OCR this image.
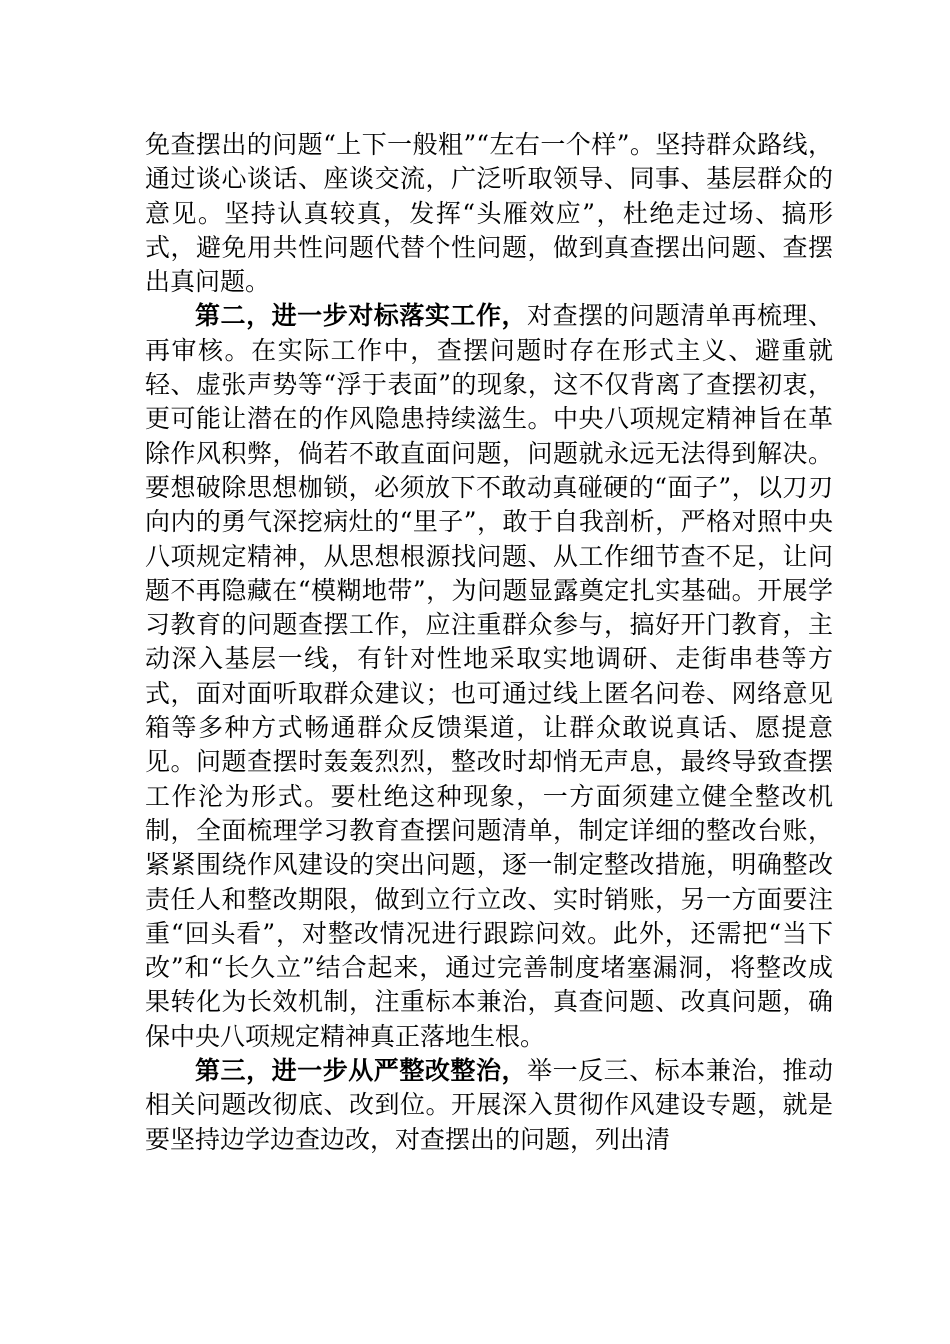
免查摆出的问题“上下一般粗”“左右一个样”。坚持群众路线，通过谈心谈话、座谈交流，广泛听取领导、同事、基层群众的意见。坚持认真较真，发挥“头雁效应”，杜绝走过场、搞形式，避免用共性问题代替个性问题，做到真查摆出问题、查摆出真问题。

第二，进一步对标落实工作，对查摆的问题清单再梳理、再审核。在实际工作中，查摆问题时存在形式主义、避重就轻、虚张声势等“浮于表面”的现象，这不仅背离了查摆初衷，更可能让潜在的作风隐患持续滋生。中央八项规定精神旨在革除作风积弊，倘若不敢直面问题，问题就永远无法得到解决。要想破除思想枷锁，必须放下不敢动真碰硬的“面子”，以刀刃向内的勇气深挖病灶的“里子”，敢于自我剖析，严格对照中央八项规定精神，从思想根源找问题、从工作细节查不足，让问题不再隐藏在“模糊地带”，为问题显露奠定扎实基础。开展学习教育的问题查摆工作，应注重群众参与，搞好开门教育，主动深入基层一线，有针对性地采取实地调研、走街串巷等方式，面对面听取群众建议；也可通过线上匿名问卷、网络意见箱等多种方式畅通群众反馈渠道，让群众敢说真话、愿提意见。问题查摆时轰轰烈烈，整改时却悄无声息，最终导致查摆工作沦为形式。要杜绝这种现象，一方面须建立健全整改机制，全面梳理学习教育查摆问题清单，制定详细的整改台账，紧紧围绕作风建设的突出问题，逐一制定整改措施，明确整改责任人和整改期限，做到立行立改、实时销账，另一方面要注重“回头看”，对整改情况进行跟踪问效。此外，还需把“当下改”和“长久立”结合起来，通过完善制度堵塞漏洞，将整改成果转化为长效机制，注重标本兼治，真查问题、改真问题，确保中央八项规定精神真正落地生根。

第三，进一步从严整改整治，举一反三、标本兼治，推动相关问题改彻底、改到位。开展深入贯彻作风建设专题，就是要坚持边学边查边改，对查摆出的问题，列出清
